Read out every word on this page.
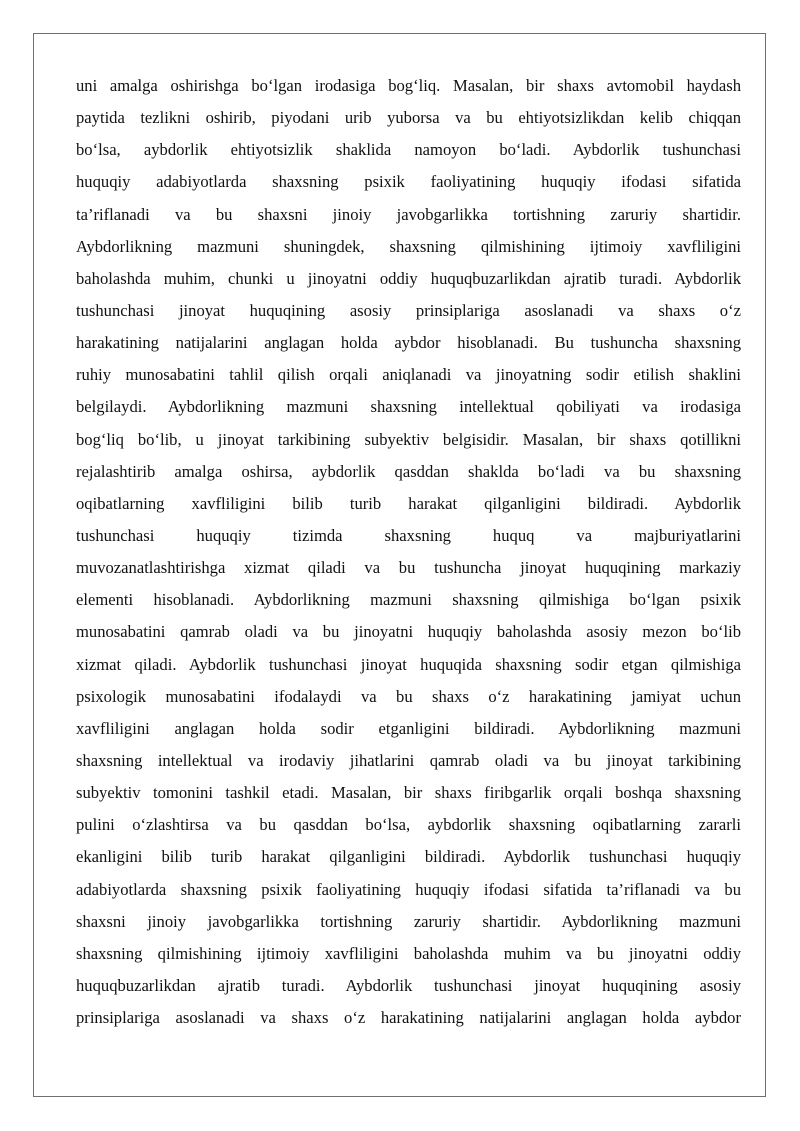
uni amalga oshirishga bo‘lgan irodasiga bog‘liq. Masalan, bir shaxs avtomobil haydash
paytida tezlikni oshirib, piyodani urib yuborsa va bu ehtiyotsizlikdan kelib chiqqan
bo‘lsa, aybdorlik ehtiyotsizlik shaklida namoyon bo‘ladi. Aybdorlik tushunchasi
huquqiy adabiyotlarda shaxsning psixik faoliyatining huquqiy ifodasi sifatida
ta’riflanadi va bu shaxsni jinoiy javobgarlikka tortishning zaruriy shartidir.
Aybdorlikning mazmuni shuningdek, shaxsning qilmishining ijtimoiy xavfliligini
baholashda muhim, chunki u jinoyatni oddiy huquqbuzarlikdan ajratib turadi. Aybdorlik
tushunchasi jinoyat huquqining asosiy prinsiplariga asoslanadi va shaxs o‘z
harakatining natijalarini anglagan holda aybdor hisoblanadi. Bu tushuncha shaxsning
ruhiy munosabatini tahlil qilish orqali aniqlanadi va jinoyatning sodir etilish shaklini
belgilaydi. Aybdorlikning mazmuni shaxsning intellektual qobiliyati va irodasiga
bog‘liq bo‘lib, u jinoyat tarkibining subyektiv belgisidir. Masalan, bir shaxs qotillikni
rejalashtirib amalga oshirsa, aybdorlik qasddan shaklda bo‘ladi va bu shaxsning
oqibatlarning xavfliligini bilib turib harakat qilganligini bildiradi. Aybdorlik
tushunchasi huquqiy tizimda shaxsning huquq va majburiyatlarini
muvozanatlashtirishga xizmat qiladi va bu tushuncha jinoyat huquqining markaziy
elementi hisoblanadi. Aybdorlikning mazmuni shaxsning qilmishiga bo‘lgan psixik
munosabatini qamrab oladi va bu jinoyatni huquqiy baholashda asosiy mezon bo‘lib
xizmat qiladi. Aybdorlik tushunchasi jinoyat huquqida shaxsning sodir etgan qilmishiga
psixologik munosabatini ifodalaydi va bu shaxs o‘z harakatining jamiyat uchun
xavfliligini anglagan holda sodir etganligini bildiradi. Aybdorlikning mazmuni
shaxsning intellektual va irodaviy jihatlarini qamrab oladi va bu jinoyat tarkibining
subyektiv tomonini tashkil etadi. Masalan, bir shaxs firibgarlik orqali boshqa shaxsning
pulini o‘zlashtirsa va bu qasddan bo‘lsa, aybdorlik shaxsning oqibatlarning zararli
ekanligini bilib turib harakat qilganligini bildiradi. Aybdorlik tushunchasi huquqiy
adabiyotlarda shaxsning psixik faoliyatining huquqiy ifodasi sifatida ta’riflanadi va bu
shaxsni jinoiy javobgarlikka tortishning zaruriy shartidir. Aybdorlikning mazmuni
shaxsning qilmishining ijtimoiy xavfliligini baholashda muhim va bu jinoyatni oddiy
huquqbuzarlikdan ajratib turadi. Aybdorlik tushunchasi jinoyat huquqining asosiy
prinsiplariga asoslanadi va shaxs o‘z harakatining natijalarini anglagan holda aybdor
